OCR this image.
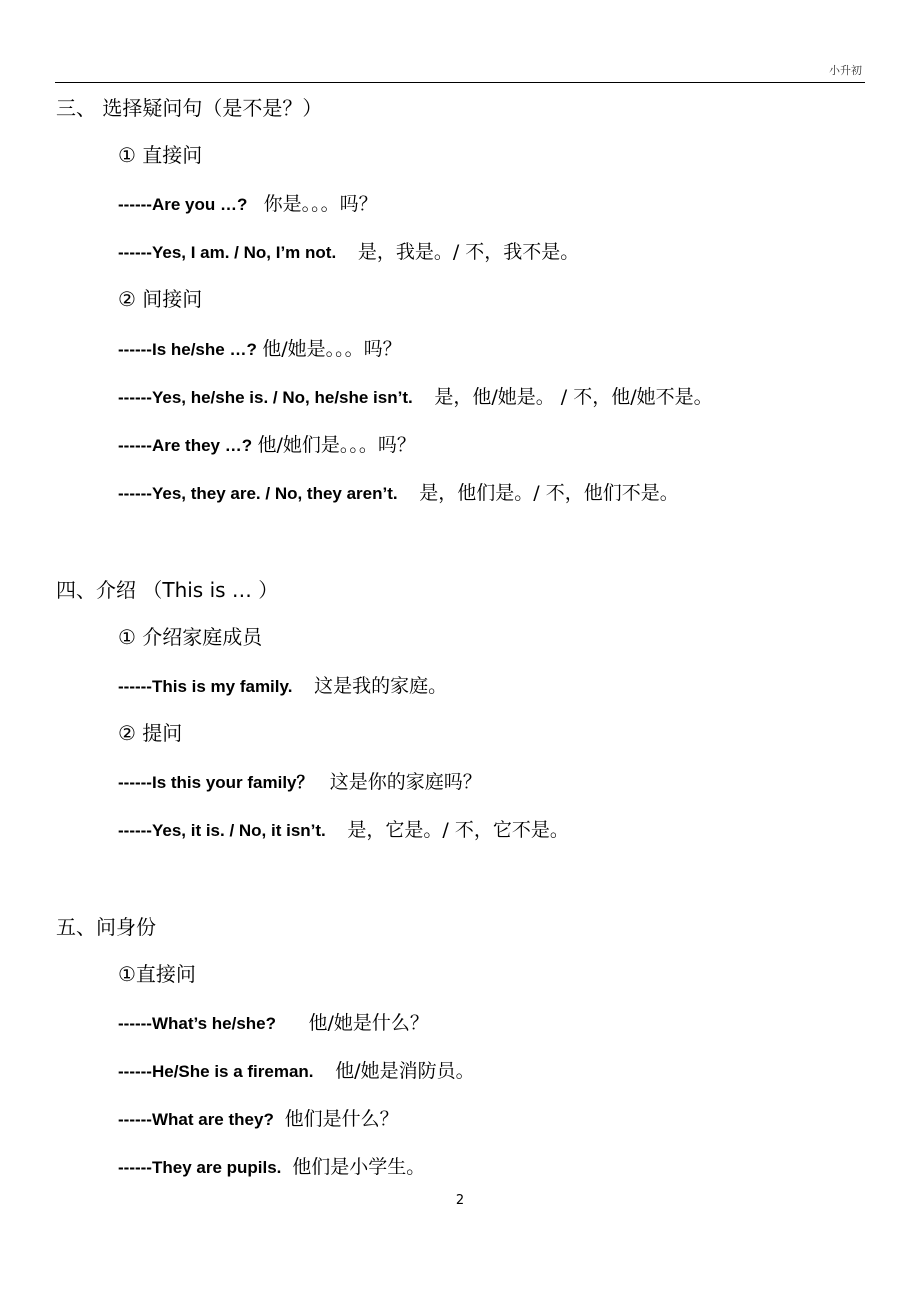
小升初
三、 选择疑问句（是不是？）
① 直接问
------Are you …? 你是。。。吗？
------Yes, I am. / No, I’m not. 是，我是。/ 不，我不是。
② 间接问
------Is he/she …? 他/她是。。。吗？
------Yes, he/she is. / No, he/she isn’t. 是，他/她是。 / 不，他/她不是。
------Are they …? 他/她们是。。。吗？
------Yes, they are. / No, they aren’t. 是，他们是。/ 不，他们不是。
四、介绍 （This is … ）
① 介绍家庭成员
------This is my family. 这是我的家庭。
② 提问
------Is this your family？ 这是你的家庭吗？
------Yes, it is. / No, it isn’t. 是，它是。/ 不，它不是。
五、问身份
①直接问
------What’s he/she? 他/她是什么？
------He/She is a fireman. 他/她是消防员。
------What are they? 他们是什么？
------They are pupils. 他们是小学生。
2
